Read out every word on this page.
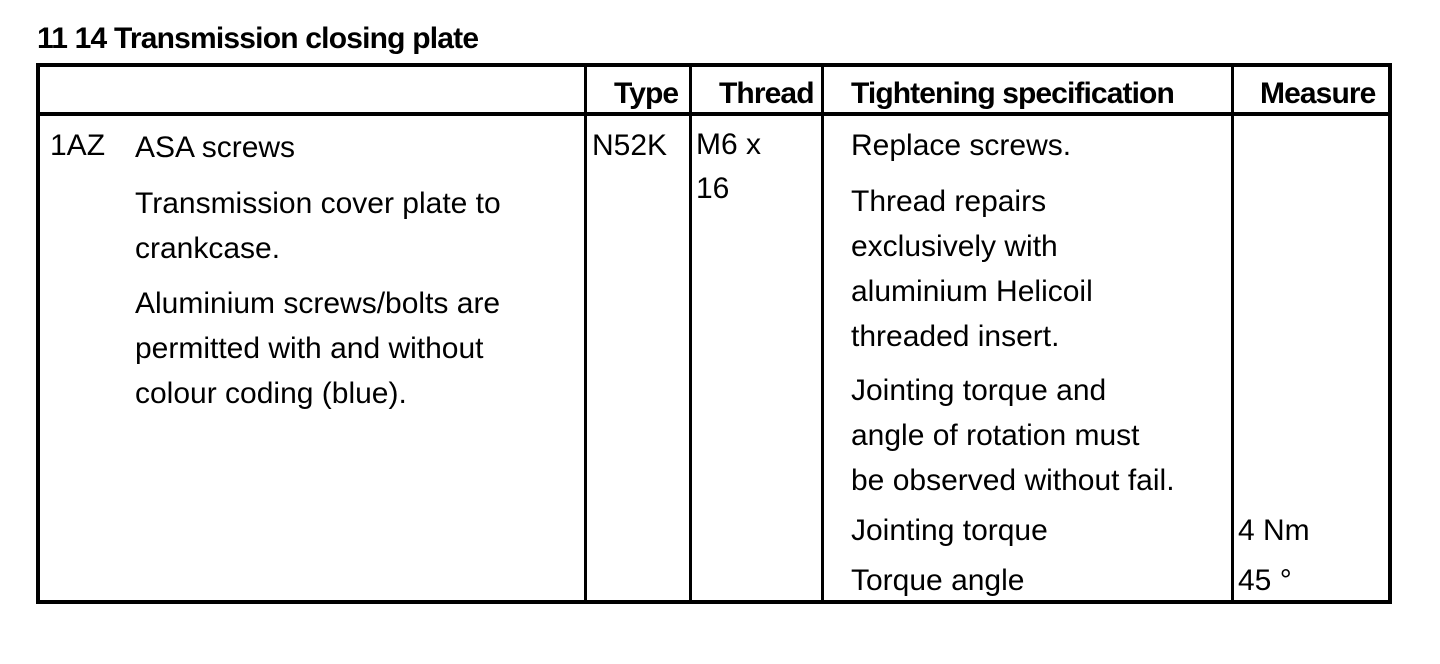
11 14 Transmission closing plate
Type Thread Tightening specification	Measure
1AZ ASA screws
Transmission cover plate to
crankcase.
Aluminium screws/bolts are
permitted with and without
colour coding (blue).
N52K M6 x
16
Replace screws.
Thread repairs
exclusively with
aluminium Helicoil
threaded insert.
Jointing torque and
angle of rotation must
be observed without fail.
Jointing torque
Torque angle
4 Nm
45 °
